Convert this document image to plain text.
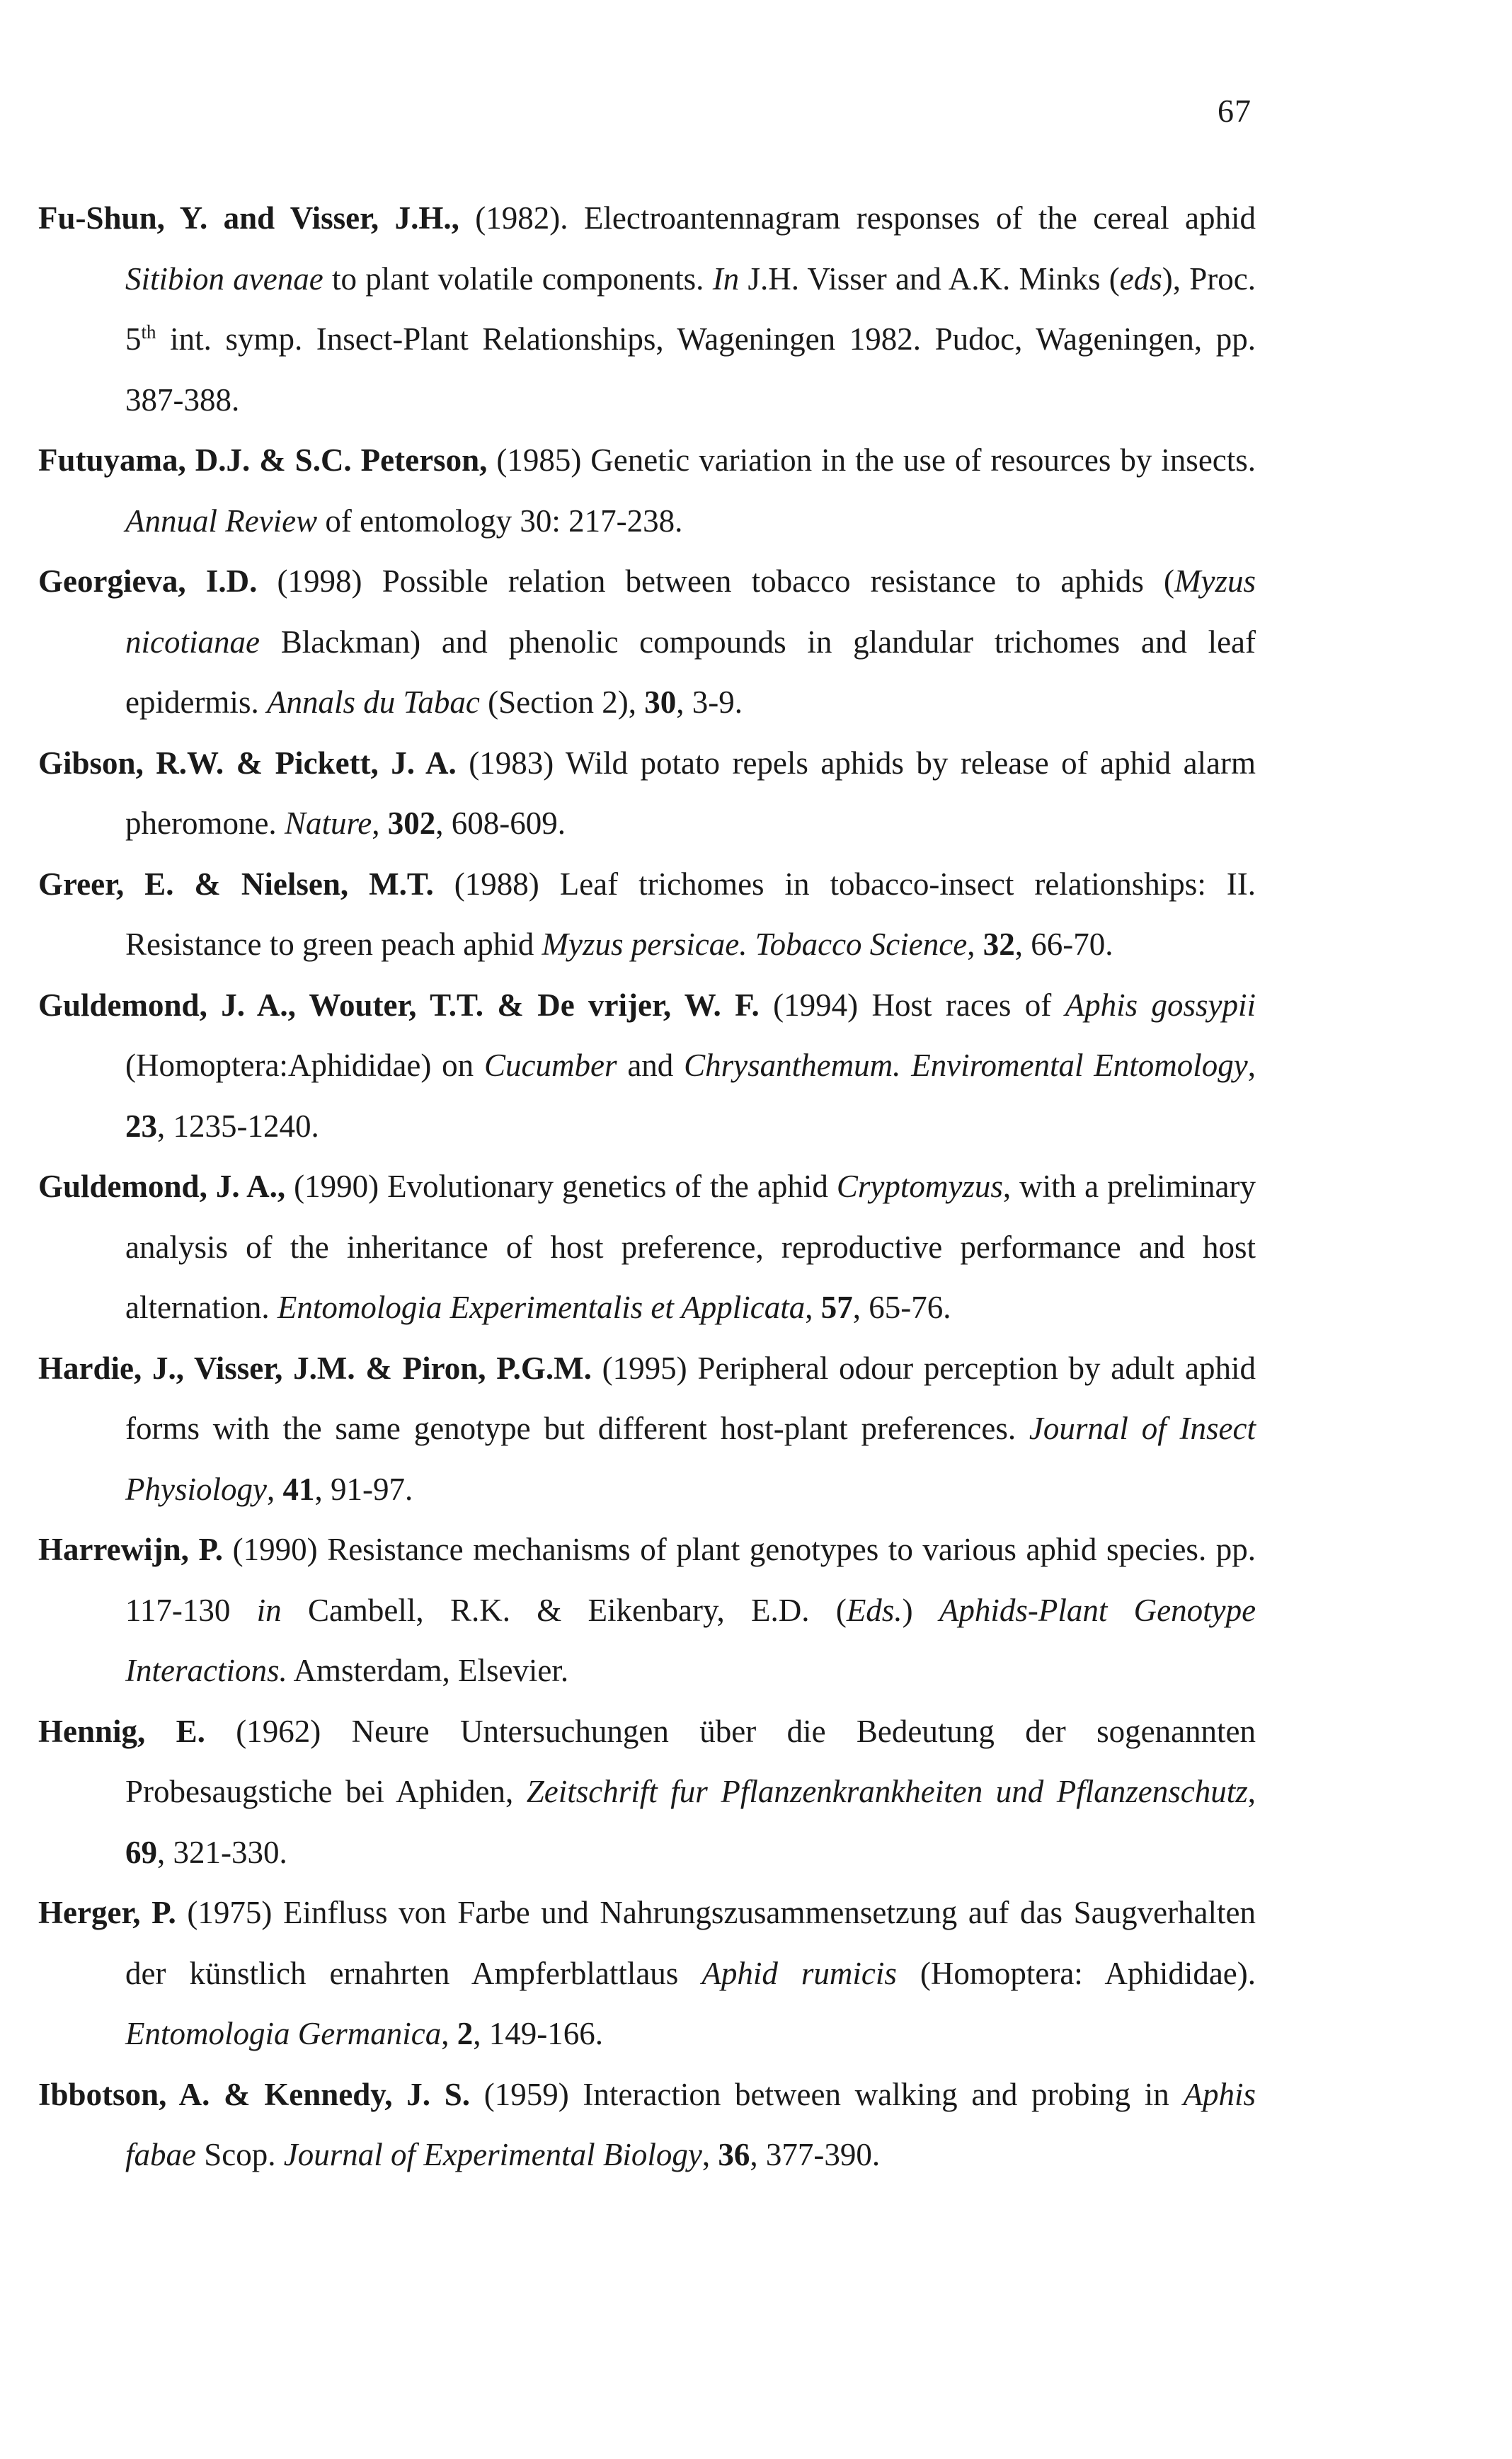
67

Fu-Shun, Y. and Visser, J.H., (1982). Electroantennagram responses of the cereal aphid Sitibion avenae to plant volatile components. In J.H. Visser and A.K. Minks (eds), Proc. 5th int. symp. Insect-Plant Relationships, Wageningen 1982. Pudoc, Wageningen, pp. 387-388.

Futuyama, D.J. & S.C. Peterson, (1985) Genetic variation in the use of resources by insects. Annual Review of entomology 30: 217-238.

Georgieva, I.D. (1998) Possible relation between tobacco resistance to aphids (Myzus nicotianae Blackman) and phenolic compounds in glandular trichomes and leaf epidermis. Annals du Tabac (Section 2), 30, 3-9.

Gibson, R.W. & Pickett, J. A. (1983) Wild potato repels aphids by release of aphid alarm pheromone. Nature, 302, 608-609.

Greer, E. & Nielsen, M.T. (1988) Leaf trichomes in tobacco-insect relationships: II. Resistance to green peach aphid Myzus persicae. Tobacco Science, 32, 66-70.

Guldemond, J. A., Wouter, T.T. & De vrijer, W. F. (1994) Host races of Aphis gossypii (Homoptera:Aphididae) on Cucumber and Chrysanthemum. Enviromental Entomology, 23, 1235-1240.

Guldemond, J. A., (1990) Evolutionary genetics of the aphid Cryptomyzus, with a preliminary analysis of the inheritance of host preference, reproductive performance and host alternation. Entomologia Experimentalis et Applicata, 57, 65-76.

Hardie, J., Visser, J.M. & Piron, P.G.M. (1995) Peripheral odour perception by adult aphid forms with the same genotype but different host-plant preferences. Journal of Insect Physiology, 41, 91-97.

Harrewijn, P. (1990) Resistance mechanisms of plant genotypes to various aphid species. pp. 117-130 in Cambell, R.K. & Eikenbary, E.D. (Eds.) Aphids-Plant Genotype Interactions. Amsterdam, Elsevier.

Hennig, E. (1962) Neure Untersuchungen über die Bedeutung der sogenannten Probesaugstiche bei Aphiden, Zeitschrift fur Pflanzenkrankheiten und Pflanzenschutz, 69, 321-330.

Herger, P. (1975) Einfluss von Farbe und Nahrungszusammensetzung auf das Saugverhalten der künstlich ernahrten Ampferblattlaus Aphid rumicis (Homoptera: Aphididae). Entomologia Germanica, 2, 149-166.

Ibbotson, A. & Kennedy, J. S. (1959) Interaction between walking and probing in Aphis fabae Scop. Journal of Experimental Biology, 36, 377-390.
